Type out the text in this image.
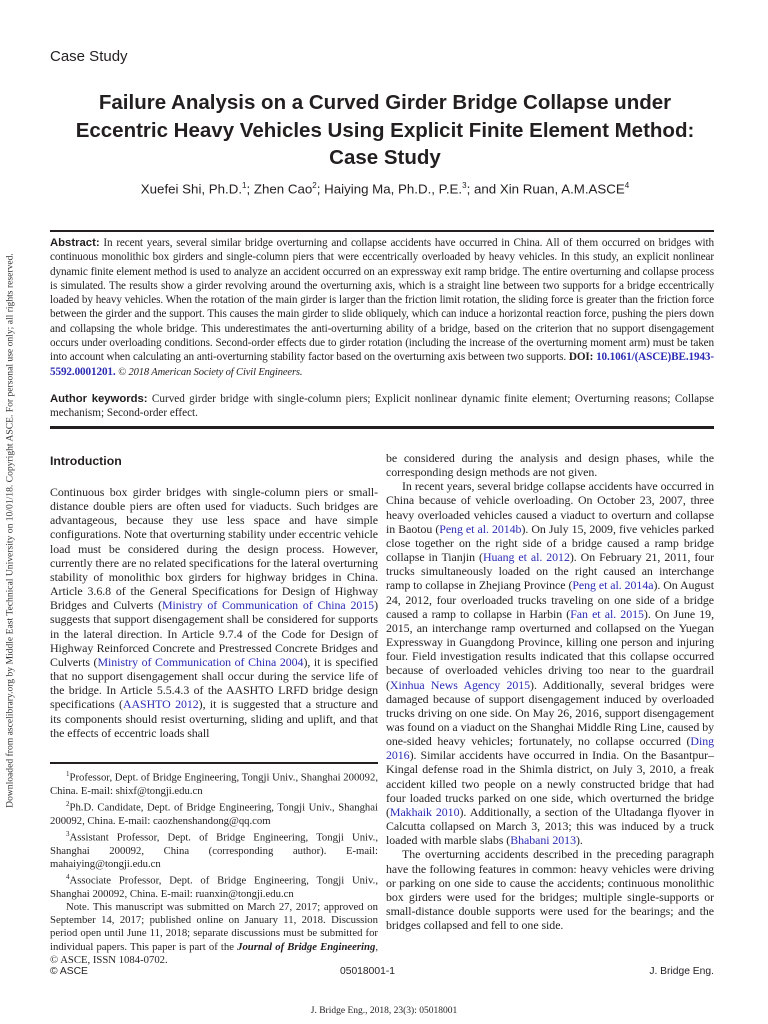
Downloaded from ascelibrary.org by Middle East Technical University on 10/01/18. Copyright ASCE. For personal use only; all rights reserved.
Case Study
Failure Analysis on a Curved Girder Bridge Collapse under Eccentric Heavy Vehicles Using Explicit Finite Element Method: Case Study
Xuefei Shi, Ph.D.$^1$; Zhen Cao$^2$; Haiying Ma, Ph.D., P.E.$^3$; and Xin Ruan, A.M.ASCE$^4$
Abstract: In recent years, several similar bridge overturning and collapse accidents have occurred in China. All of them occurred on bridges with continuous monolithic box girders and single-column piers that were eccentrically overloaded by heavy vehicles. In this study, an explicit nonlinear dynamic finite element method is used to analyze an accident occurred on an expressway exit ramp bridge. The entire overturning and collapse process is simulated. The results show a girder revolving around the overturning axis, which is a straight line between two supports for a bridge eccentrically loaded by heavy vehicles. When the rotation of the main girder is larger than the friction limit rotation, the sliding force is greater than the friction force between the girder and the support. This causes the main girder to slide obliquely, which can induce a horizontal reaction force, pushing the piers down and collapsing the whole bridge. This underestimates the anti-overturning ability of a bridge, based on the criterion that no support disengagement occurs under overloading conditions. Second-order effects due to girder rotation (including the increase of the overturning moment arm) must be taken into account when calculating an anti-overturning stability factor based on the overturning axis between two supports. DOI: 10.1061/(ASCE)BE.1943-5592.0001201. © 2018 American Society of Civil Engineers.
Author keywords: Curved girder bridge with single-column piers; Explicit nonlinear dynamic finite element; Overturning reasons; Collapse mechanism; Second-order effect.
Introduction

Continuous box girder bridges with single-column piers or small-distance double piers are often used for viaducts. Such bridges are advantageous, because they use less space and have simple configurations. Note that overturning stability under eccentric vehicle load must be considered during the design process. However, currently there are no related specifications for the lateral overturning stability of monolithic box girders for highway bridges in China. Article 3.6.8 of the General Specifications for Design of Highway Bridges and Culverts (Ministry of Communication of China 2015) suggests that support disengagement shall be considered for supports in the lateral direction. In Article 9.7.4 of the Code for Design of Highway Reinforced Concrete and Prestressed Concrete Bridges and Culverts (Ministry of Communication of China 2004), it is specified that no support disengagement shall occur during the service life of the bridge. In Article 5.5.4.3 of the AASHTO LRFD bridge design specifications (AASHTO 2012), it is suggested that a structure and its components should resist overturning, sliding and uplift, and that the effects of eccentric loads shall

be considered during the analysis and design phases, while the corresponding design methods are not given.

In recent years, several bridge collapse accidents have occurred in China because of vehicle overloading. On October 23, 2007, three heavy overloaded vehicles caused a viaduct to overturn and collapse in Baotou (Peng et al. 2014b). On July 15, 2009, five vehicles parked close together on the right side of a bridge caused a ramp bridge collapse in Tianjin (Huang et al. 2012). On February 21, 2011, four trucks simultaneously loaded on the right caused an interchange ramp to collapse in Zhejiang Province (Peng et al. 2014a). On August 24, 2012, four overloaded trucks traveling on one side of a bridge caused a ramp to collapse in Harbin (Fan et al. 2015). On June 19, 2015, an interchange ramp overturned and collapsed on the Yuegan Expressway in Guangdong Province, killing one person and injuring four. Field investigation results indicated that this collapse occurred because of overloaded vehicles driving too near to the guardrail (Xinhua News Agency 2015). Additionally, several bridges were damaged because of support disengagement induced by overloaded trucks driving on one side. On May 26, 2016, support disengagement was found on a viaduct on the Shanghai Middle Ring Line, caused by one-sided heavy vehicles; fortunately, no collapse occurred (Ding 2016). Similar accidents have occurred in India. On the Basantpur–Kingal defense road in the Shimla district, on July 3, 2010, a freak accident killed two people on a newly constructed bridge that had four loaded trucks parked on one side, which overturned the bridge (Makhaik 2010). Additionally, a section of the Ultadanga flyover in Calcutta collapsed on March 3, 2013; this was induced by a truck loaded with marble slabs (Bhabani 2013).

The overturning accidents described in the preceding paragraph have the following features in common: heavy vehicles were driving or parking on one side to cause the accidents; continuous monolithic box girders were used for the bridges; multiple single-supports or small-distance double supports were used for the bearings; and the bridges collapsed and fell to one side.

$^1$Professor, Dept. of Bridge Engineering, Tongji Univ., Shanghai 200092, China. E-mail: shixf@tongji.edu.cn

$^2$Ph.D. Candidate, Dept. of Bridge Engineering, Tongji Univ., Shanghai 200092, China. E-mail: caozhenshandong@qq.com

$^3$Assistant Professor, Dept. of Bridge Engineering, Tongji Univ., Shanghai 200092, China (corresponding author). E-mail: mahaiying@tongji.edu.cn

$^4$Associate Professor, Dept. of Bridge Engineering, Tongji Univ., Shanghai 200092, China. E-mail: ruanxin@tongji.edu.cn

Note. This manuscript was submitted on March 27, 2017; approved on September 14, 2017; published online on January 11, 2018. Discussion period open until June 11, 2018; separate discussions must be submitted for individual papers. This paper is part of the Journal of Bridge Engineering, © ASCE, ISSN 1084-0702.

© ASCE	05018001-1	J. Bridge Eng.
J. Bridge Eng., 2018, 23(3): 05018001
